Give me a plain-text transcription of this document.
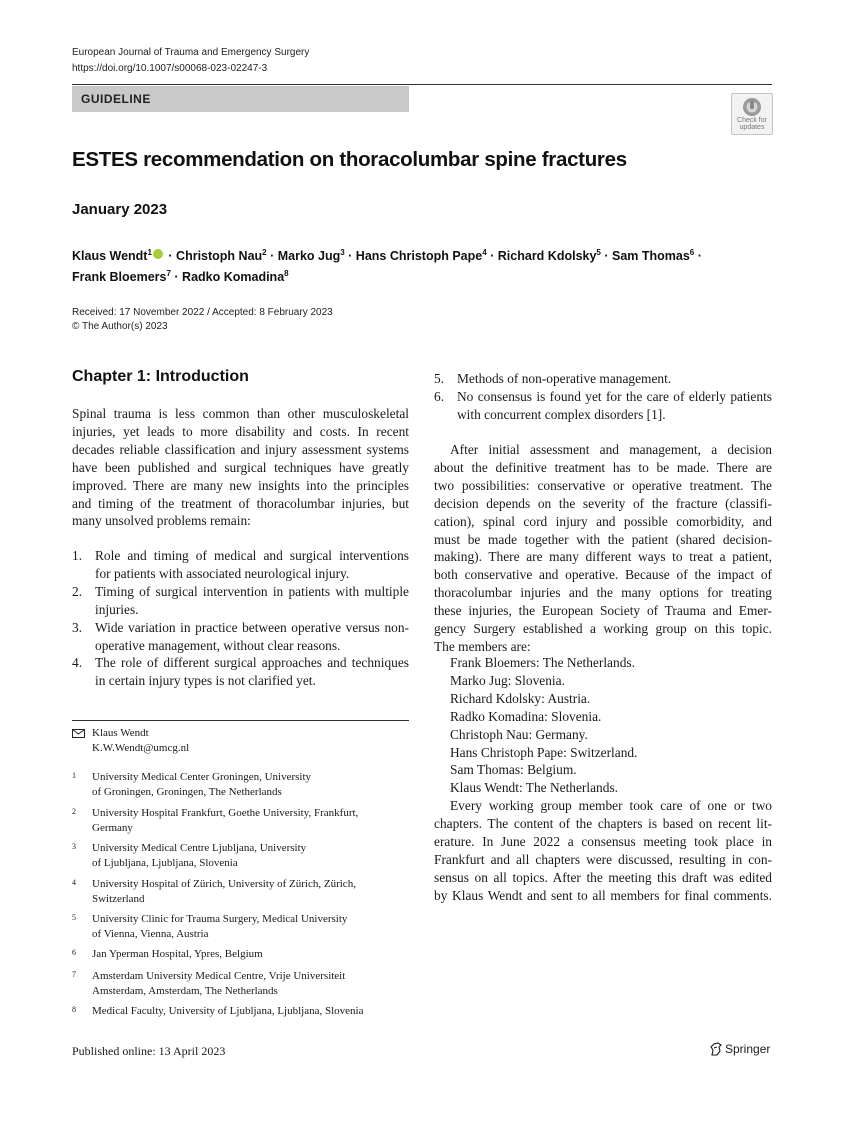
European Journal of Trauma and Emergency Surgery
https://doi.org/10.1007/s00068-023-02247-3
GUIDELINE
Check for
updates
ESTES recommendation on thoracolumbar spine fractures
January 2023
Klaus Wendt$^1$ · Christoph Nau$^2$ · Marko Jug$^3$ · Hans Christoph Pape$^4$ · Richard Kdolsky$^5$ · Sam Thomas$^6$ ·
Frank Bloemers$^7$ · Radko Komadina$^8$
Received: 17 November 2022 / Accepted: 8 February 2023
© The Author(s) 2023
Chapter 1: Introduction
Spinal trauma is less common than other musculoskeletal
injuries, yet leads to more disability and costs. In recent
decades reliable classification and injury assessment systems
have been published and surgical techniques have greatly
improved. There are many new insights into the principles
and timing of the treatment of thoracolumbar injuries, but
many unsolved problems remain:
1. Role and timing of medical and surgical interventions
for patients with associated neurological injury.
2. Timing of surgical intervention in patients with multiple
injuries.
3. Wide variation in practice between operative versus non-
operative management, without clear reasons.
4. The role of different surgical approaches and techniques
in certain injury types is not clarified yet.
Klaus Wendt
K.W.Wendt@umcg.nl
1 University Medical Center Groningen, University
of Groningen, Groningen, The Netherlands
2 University Hospital Frankfurt, Goethe University, Frankfurt,
Germany
3 University Medical Centre Ljubljana, University
of Ljubljana, Ljubljana, Slovenia
4 University Hospital of Zürich, University of Zürich, Zürich,
Switzerland
5 University Clinic for Trauma Surgery, Medical University
of Vienna, Vienna, Austria
6 Jan Yperman Hospital, Ypres, Belgium
7 Amsterdam University Medical Centre, Vrije Universiteit
Amsterdam, Amsterdam, The Netherlands
8 Medical Faculty, University of Ljubljana, Ljubljana, Slovenia
5. Methods of non-operative management.
6. No consensus is found yet for the care of elderly patients
with concurrent complex disorders [1].
After initial assessment and management, a decision
about the definitive treatment has to be made. There are
two possibilities: conservative or operative treatment. The
decision depends on the severity of the fracture (classifi-
cation), spinal cord injury and possible comorbidity, and
must be made together with the patient (shared decision-
making). There are many different ways to treat a patient,
both conservative and operative. Because of the impact of
thoracolumbar injuries and the many options for treating
these injuries, the European Society of Trauma and Emer-
gency Surgery established a working group on this topic.
The members are:
Frank Bloemers: The Netherlands.
Marko Jug: Slovenia.
Richard Kdolsky: Austria.
Radko Komadina: Slovenia.
Christoph Nau: Germany.
Hans Christoph Pape: Switzerland.
Sam Thomas: Belgium.
Klaus Wendt: The Netherlands.
Every working group member took care of one or two
chapters. The content of the chapters is based on recent lit-
erature. In June 2022 a consensus meeting took place in
Frankfurt and all chapters were discussed, resulting in con-
sensus on all topics. After the meeting this draft was edited
by Klaus Wendt and sent to all members for final comments.
Published online: 13 April 2023	Springer
